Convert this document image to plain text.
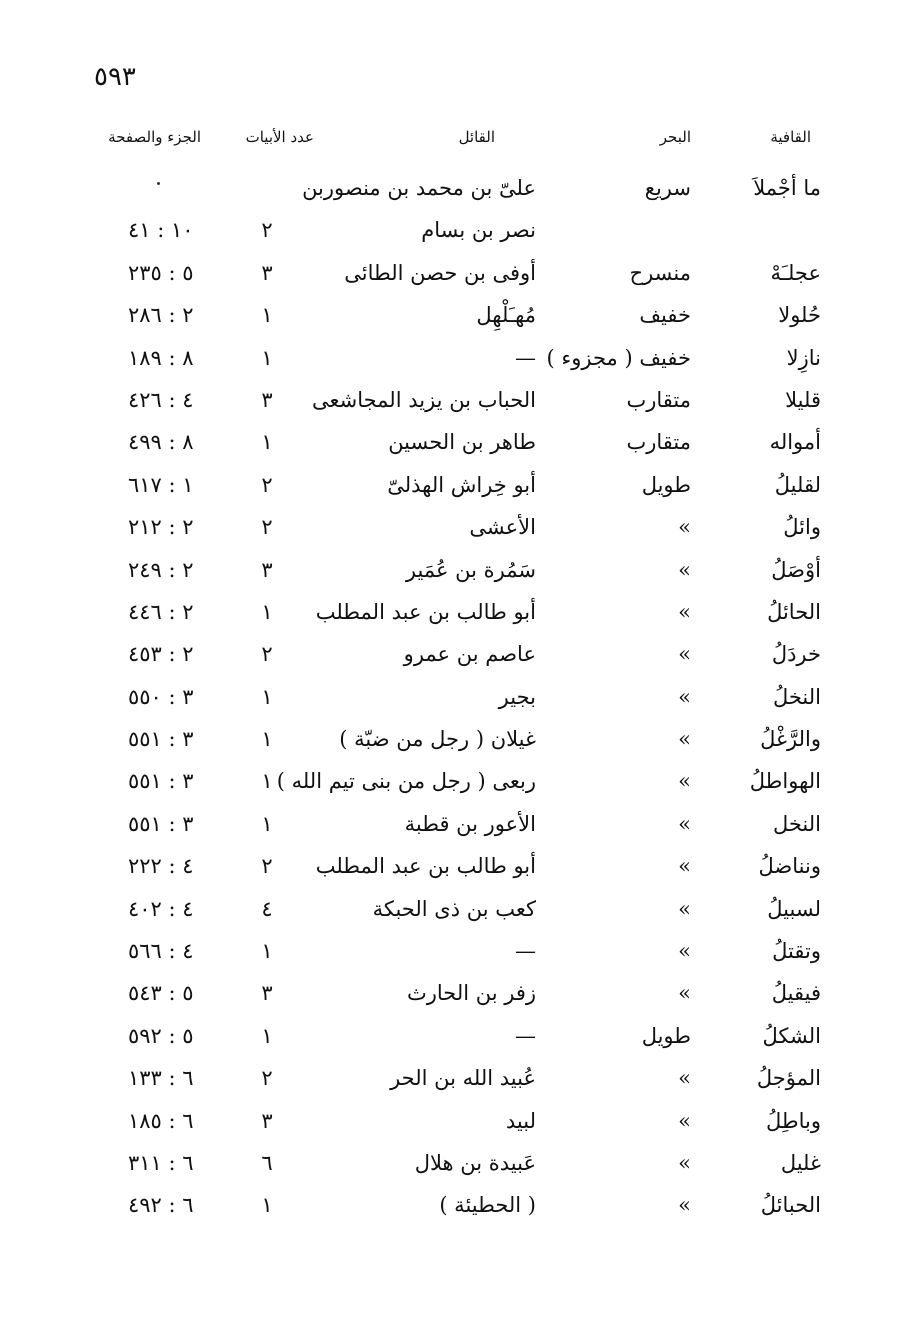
٥٩٣
القافية
البحر
القائل
عدد الأبيات
الجزء والصفحة
ما أجْملاَ
سريع
علىّ بن محمد بن منصوربن
نصر بن بسام
٢
١٠ : ٤١
عجلـَهْ
منسرح
أوفى بن حصن الطائى
٣
٥ : ٢٣٥
حُلولا
خفيف
مُهـَلْهِل
١
٢ : ٢٨٦
نازِلا
خفيف ( مجزوء )
—
١
٨ : ١٨٩
قليلا
متقارب
الحباب بن يزيد المجاشعى
٣
٤ : ٤٢٦
أمواله
متقارب
طاهر بن الحسين
١
٨ : ٤٩٩
لقليلُ
طويل
أبو خِراش الهذلىّ
٢
١ : ٦١٧
وائلُ
»
الأعشى
٢
٢ : ٢١٢
أوْصَلُ
»
سَمُرة بن عُمَير
٣
٢ : ٢٤٩
الحائلُ
»
أبو طالب بن عبد المطلب
١
٢ : ٤٤٦
خردَلُ
»
عاصم بن عمرو
٢
٢ : ٤٥٣
النخلُ
»
بجير
١
٣ : ٥٥٠
والرَّغْلُ
»
غيلان ( رجل من ضبّة )
١
٣ : ٥٥١
الهواطلُ
»
ربعى ( رجل من بنى تيم الله )
١
٣ : ٥٥١
النخل
»
الأعور بن قطبة
١
٣ : ٥٥١
ونناضلُ
»
أبو طالب بن عبد المطلب
٢
٤ : ٢٢٢
لسبيلُ
»
كعب بن ذى الحبكة
٤
٤ : ٤٠٢
وتقتلُ
»
—
١
٤ : ٥٦٦
فيقيلُ
»
زفر بن الحارث
٣
٥ : ٥٤٣
الشكلُ
طويل
—
١
٥ : ٥٩٢
المؤجلُ
»
عُبيد الله بن الحر
٢
٦ : ١٣٣
وباطِلُ
»
لبيد
٣
٦ : ١٨٥
غليل
»
عَبيدة بن هلال
٦
٦ : ٣١١
الحبائلُ
»
( الحطيئة )
١
٦ : ٤٩٢
